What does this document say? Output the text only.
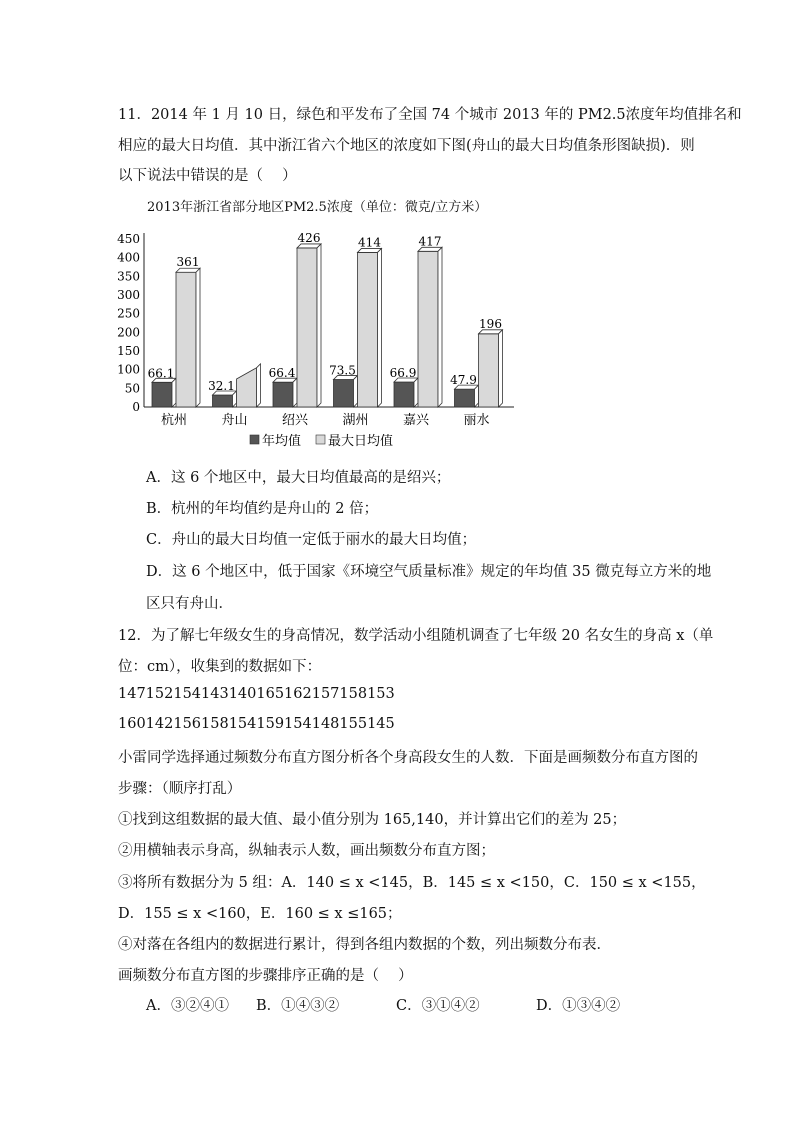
11．2014 年 1 月 10 日，绿色和平发布了全国 74 个城市 2013 年的 PM2.5浓度年均值排名和
相应的最大日均值．其中浙江省六个地区的浓度如下图(舟山的最大日均值条形图缺损)．则
以下说法中错误的是（　 ）
2013年浙江省部分地区PM2.5浓度（单位：微克/立方米）
450
400
350
300
250
200
150
100
50
0
66.1
361
杭州
32.1
舟山
66.4
426
绍兴
73.5
414
湖州
66.9
417
嘉兴
47.9
196
丽水
年均值 最大日均值
A．这 6 个地区中，最大日均值最高的是绍兴；
B．杭州的年均值约是舟山的 2 倍；
C．舟山的最大日均值一定低于丽水的最大日均值；
D．这 6 个地区中，低于国家《环境空气质量标准》规定的年均值 35 微克每立方米的地
区只有舟山．
12．为了解七年级女生的身高情况，数学活动小组随机调查了七年级 20 名女生的身高 x（单
位：cm），收集到的数据如下：
147152154143140165162157158153
160142156158154159154148155145
小雷同学选择通过频数分布直方图分析各个身高段女生的人数．下面是画频数分布直方图的
步骤：（顺序打乱）
①找到这组数据的最大值、最小值分别为 165,140，并计算出它们的差为 25；
②用横轴表示身高，纵轴表示人数，画出频数分布直方图；
③将所有数据分为 5 组：A．140 ≤ x <145，B．145 ≤ x <150，C．150 ≤ x <155，
D．155 ≤ x <160，E．160 ≤ x ≤165；
④对落在各组内的数据进行累计，得到各组内数据的个数，列出频数分布表．
画频数分布直方图的步骤排序正确的是（　 ）
A．③②④① B．①④③②	C．③①④②	D．①③④②
